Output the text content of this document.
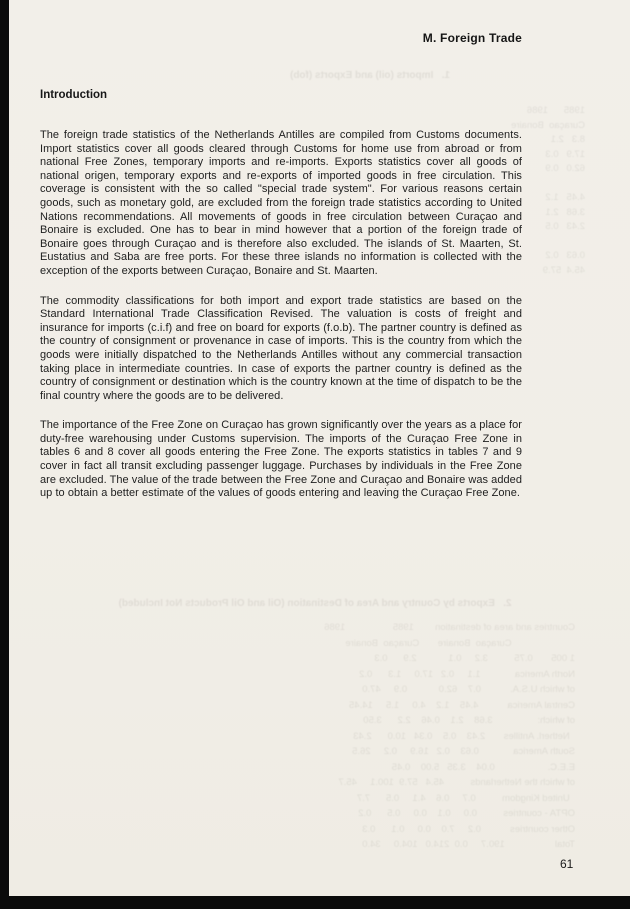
1.   Imports (oil) and Exports (fob)
1985      1986
Curaçao  Bonaire
8.3   2.1
17.9   0.3
62.0   0.9

4.45   1.2
3.68   2.1
2.43   0.5

0.63   0.2
45.4  57.9
2.   Exports by Country and Area of Destination (Oil and Oil Products Not Included)
Countries and area of destination        1985                  1986
Curaçao  Bonaire       Curaçao  Bonaire
1 005       0.75          3.2     0.1            2.9      0.3
North America             1.1     0.2   17.0     1.3      0.2
of which U.S.A.           0.7    62.0            0.9     47.0
Central America           4.45    1.2    4.0     1.5     14.45
of which:                 3.68    2.1    0.46    2.2      3.50
Netherl. Antilles       2.43    0.5    0.34   10.0      2.43
South America             0.63    0.2   16.9     0.2     26.5
E.E.C.                    0.04    3.35   5.00    0.45
of which the Netherlands          45.4   57.9  100.1     45.7
United Kingdom          0.7     0.6    4.1     0.5      7.7
OPTA - countries          0.0     0.1    0.0     0.5      0.2
Other countries           0.2     7.0    0.0     0.1      0.3
Total                   190.7     0.0  214.0   104.0     34.0
M. Foreign Trade
Introduction

The foreign trade statistics of the Netherlands Antilles are compiled from Customs documents. Import statistics cover all goods cleared through Customs for home use from abroad or from national Free Zones, temporary imports and re-imports. Exports statistics cover all goods of national origen, temporary exports and re-exports of imported goods in free circulation. This coverage is consistent with the so called "special trade system". For various reasons certain goods, such as monetary gold, are excluded from the foreign trade statistics according to United Nations recommendations. All movements of goods in free circulation between Curaçao and Bonaire is excluded. One has to bear in mind however that a portion of the foreign trade of Bonaire goes through Curaçao and is therefore also excluded. The islands of St. Maarten, St. Eustatius and Saba are free ports. For these three islands no information is collected with the exception of the exports between Curaçao, Bonaire and St. Maarten.

The commodity classifications for both import and export trade statistics are based on the Standard International Trade Classification Revised. The valuation is costs of freight and insurance for imports (c.i.f) and free on board for exports (f.o.b). The partner country is defined as the country of consignment or provenance in case of imports. This is the country from which the goods were initially dispatched to the Netherlands Antilles without any commercial transaction taking place in intermediate countries. In case of exports the partner country is defined as the country of consignment or destination which is the country known at the time of dispatch to be the final country where the goods are to be delivered.

The importance of the Free Zone on Curaçao has grown significantly over the years as a place for duty-free warehousing under Customs supervision. The imports of the Curaçao Free Zone in tables 6 and 8 cover all goods entering the Free Zone. The exports statistics in tables 7 and 9 cover in fact all transit excluding passenger luggage. Purchases by individuals in the Free Zone are excluded. The value of the trade between the Free Zone and Curaçao and Bonaire was added up to obtain a better estimate of the values of goods entering and leaving the Curaçao Free Zone.

61
